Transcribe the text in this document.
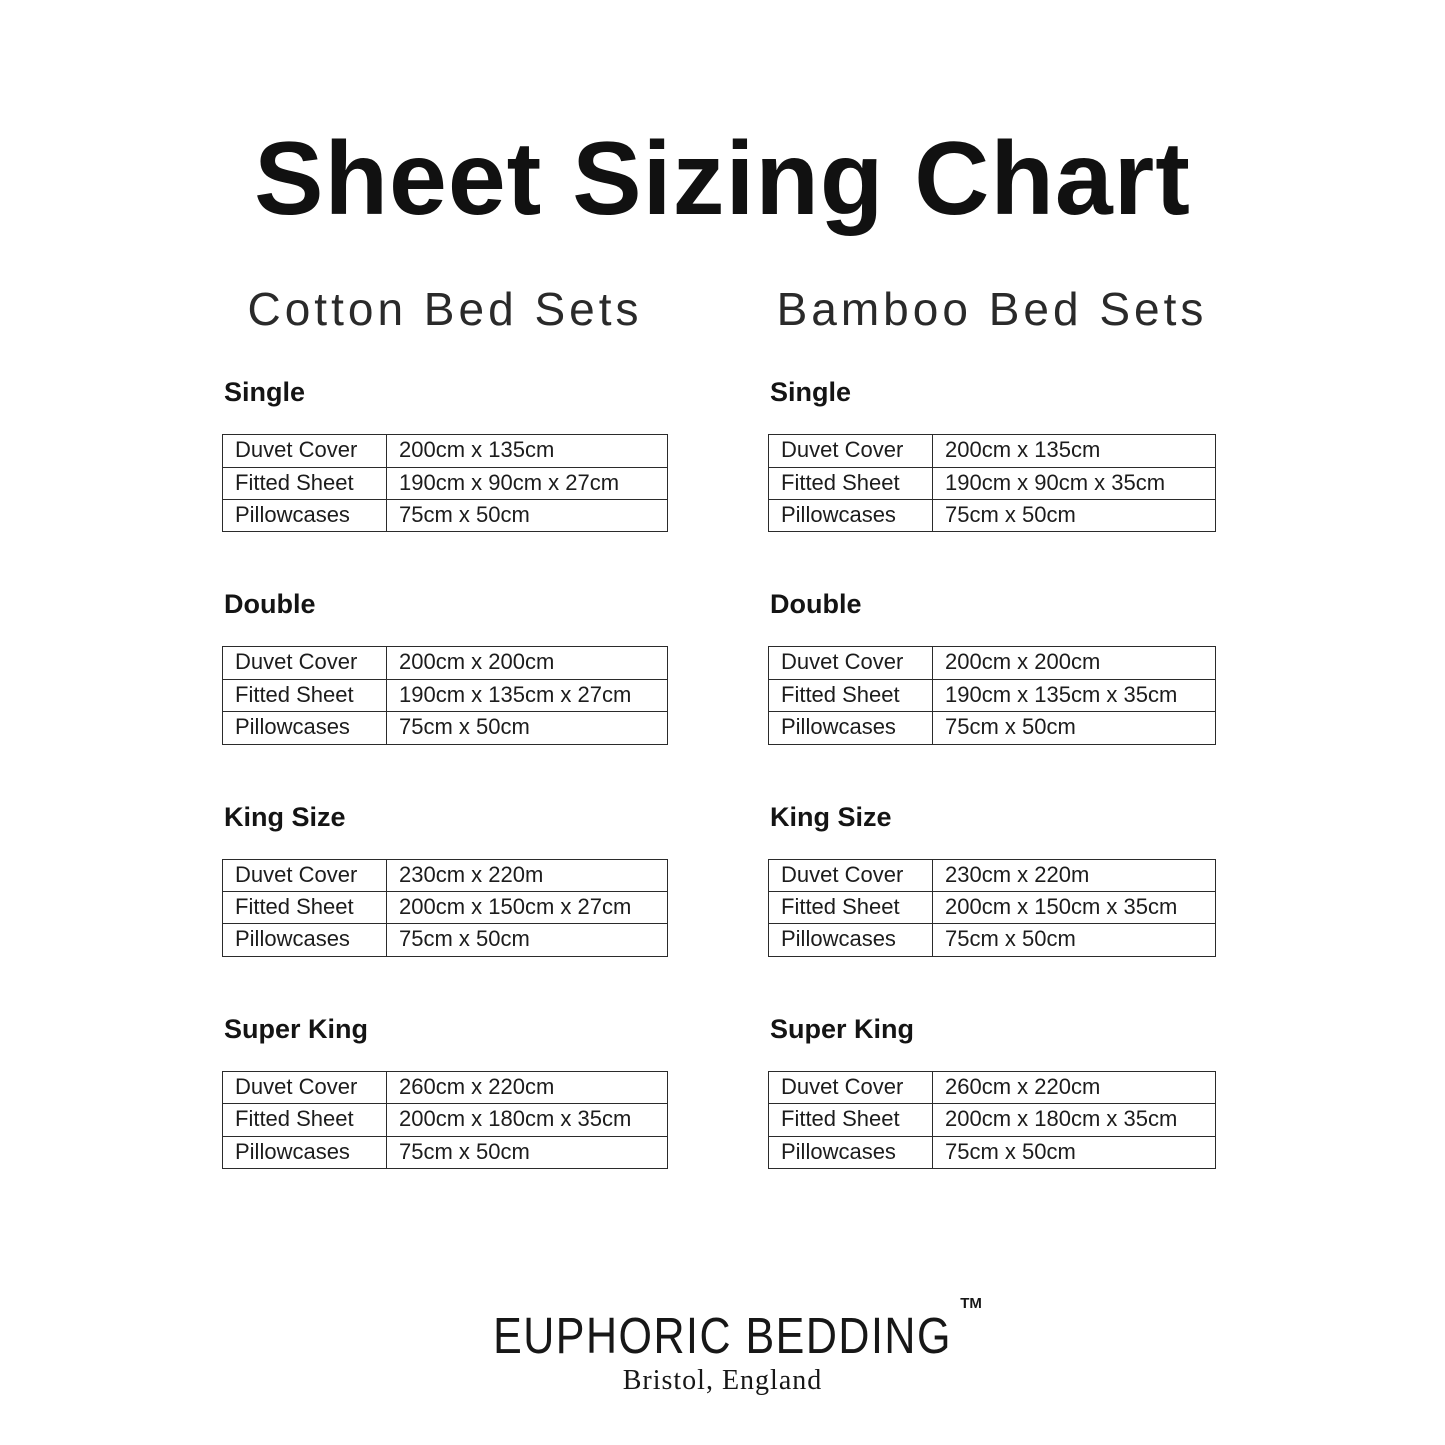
Sheet Sizing Chart
Cotton Bed Sets
Single
Duvet Cover	200cm x 135cm
Fitted Sheet	190cm x 90cm x 27cm
Pillowcases	75cm x 50cm
Double
Duvet Cover	200cm x 200cm
Fitted Sheet	190cm x 135cm x 27cm
Pillowcases	75cm x 50cm
King Size
Duvet Cover	230cm x 220m
Fitted Sheet	200cm x 150cm x 27cm
Pillowcases	75cm x 50cm
Super King
Duvet Cover	260cm x 220cm
Fitted Sheet	200cm x 180cm x 35cm
Pillowcases	75cm x 50cm
Bamboo Bed Sets
Single
Duvet Cover	200cm x 135cm
Fitted Sheet	190cm x 90cm x 35cm
Pillowcases	75cm x 50cm
Double
Duvet Cover	200cm x 200cm
Fitted Sheet	190cm x 135cm x 35cm
Pillowcases	75cm x 50cm
King Size
Duvet Cover	230cm x 220m
Fitted Sheet	200cm x 150cm x 35cm
Pillowcases	75cm x 50cm
Super King
Duvet Cover	260cm x 220cm
Fitted Sheet	200cm x 180cm x 35cm
Pillowcases	75cm x 50cm
EUPHORIC BEDDING
TM
Bristol, England
